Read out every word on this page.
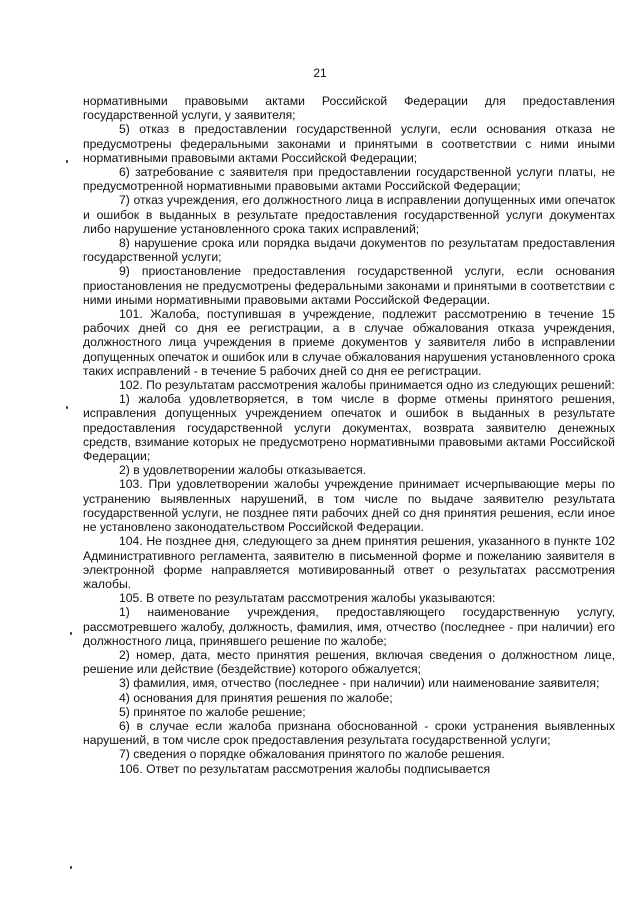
21

нормативными правовыми актами Российской Федерации для предоставления государственной услуги, у заявителя;

5) отказ в предоставлении государственной услуги, если основания отказа не предусмотрены федеральными законами и принятыми в соответствии с ними иными нормативными правовыми актами Российской Федерации;

6) затребование с заявителя при предоставлении государственной услуги платы, не предусмотренной нормативными правовыми актами Российской Федерации;

7) отказ учреждения, его должностного лица в исправлении допущенных ими опечаток и ошибок в выданных в результате предоставления государственной услуги документах либо нарушение установленного срока таких исправлений;

8) нарушение срока или порядка выдачи документов по результатам предоставления государственной услуги;

9) приостановление предоставления государственной услуги, если основания приостановления не предусмотрены федеральными законами и принятыми в соответствии с ними иными нормативными правовыми актами Российской Федерации.

101. Жалоба, поступившая в учреждение, подлежит рассмотрению в течение 15 рабочих дней со дня ее регистрации, а в случае обжалования отказа учреждения, должностного лица учреждения в приеме документов у заявителя либо в исправлении допущенных опечаток и ошибок или в случае обжалования нарушения установленного срока таких исправлений - в течение 5 рабочих дней со дня ее регистрации.

102. По результатам рассмотрения жалобы принимается одно из следующих решений:

1) жалоба удовлетворяется, в том числе в форме отмены принятого решения, исправления допущенных учреждением опечаток и ошибок в выданных в результате предоставления государственной услуги документах, возврата заявителю денежных средств, взимание которых не предусмотрено нормативными правовыми актами Российской Федерации;

2) в удовлетворении жалобы отказывается.

103. При удовлетворении жалобы учреждение принимает исчерпывающие меры по устранению выявленных нарушений, в том числе по выдаче заявителю результата государственной услуги, не позднее пяти рабочих дней со дня принятия решения, если иное не установлено законодательством Российской Федерации.

104. Не позднее дня, следующего за днем принятия решения, указанного в пункте 102 Административного регламента, заявителю в письменной форме и пожеланию заявителя в электронной форме направляется мотивированный ответ о результатах рассмотрения жалобы.

105. В ответе по результатам рассмотрения жалобы указываются:

1) наименование учреждения, предоставляющего государственную услугу, рассмотревшего жалобу, должность, фамилия, имя, отчество (последнее - при наличии) его должностного лица, принявшего решение по жалобе;

2) номер, дата, место принятия решения, включая сведения о должностном лице, решение или действие (бездействие) которого обжалуется;

3) фамилия, имя, отчество (последнее - при наличии) или наименование заявителя;

4) основания для принятия решения по жалобе;

5) принятое по жалобе решение;

6) в случае если жалоба признана обоснованной - сроки устранения выявленных нарушений, в том числе срок предоставления результата государственной услуги;

7) сведения о порядке обжалования принятого по жалобе решения.

106. Ответ по результатам рассмотрения жалобы подписывается
